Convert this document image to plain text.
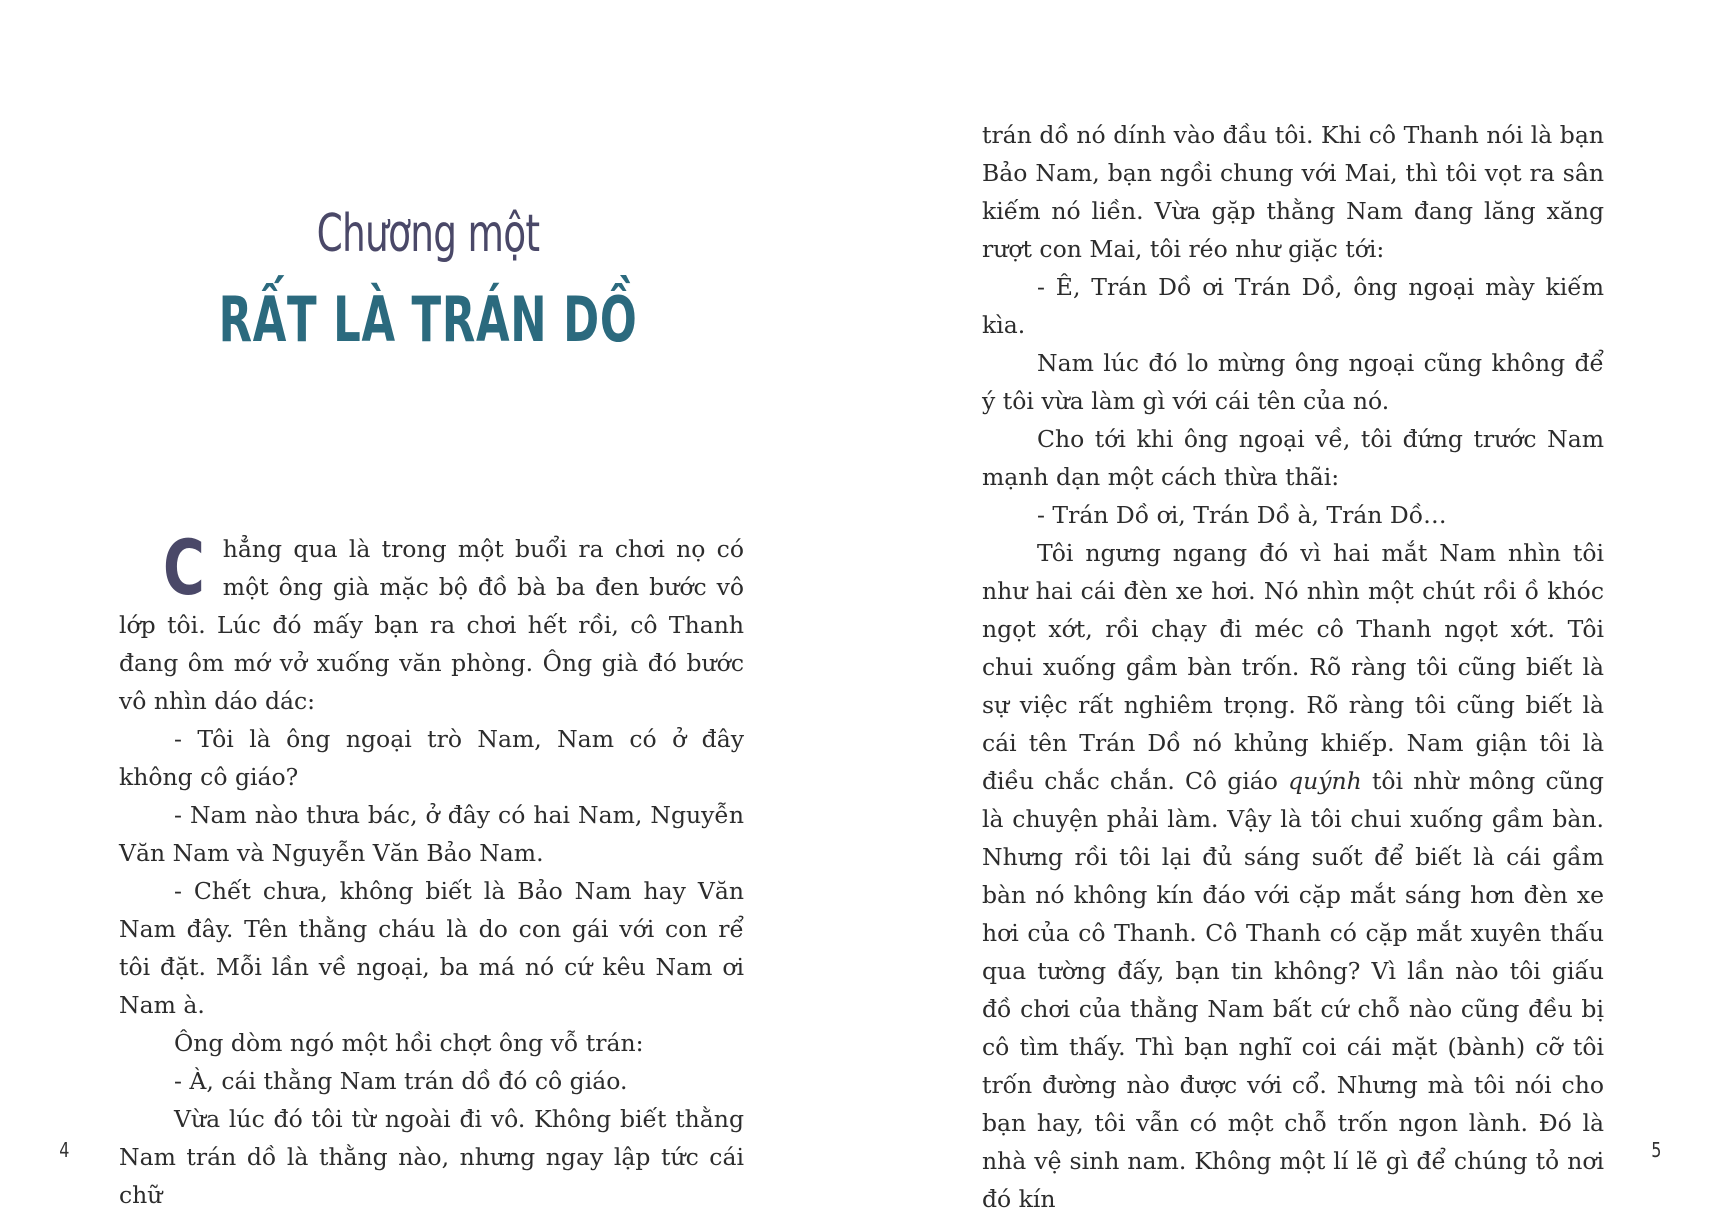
Chương một
RẤT LÀ TRÁN DỒ

Chẳng qua là trong một buổi ra chơi nọ có một ông già mặc bộ đồ bà ba đen bước vô lớp tôi. Lúc đó mấy bạn ra chơi hết rồi, cô Thanh đang ôm mớ vở xuống văn phòng. Ông già đó bước vô nhìn dáo dác:

- Tôi là ông ngoại trò Nam, Nam có ở đây không cô giáo?

- Nam nào thưa bác, ở đây có hai Nam, Nguyễn Văn Nam và Nguyễn Văn Bảo Nam.

- Chết chưa, không biết là Bảo Nam hay Văn Nam đây. Tên thằng cháu là do con gái với con rể tôi đặt. Mỗi lần về ngoại, ba má nó cứ kêu Nam ơi Nam à.

Ông dòm ngó một hồi chợt ông vỗ trán:

- À, cái thằng Nam trán dồ đó cô giáo.

Vừa lúc đó tôi từ ngoài đi vô. Không biết thằng Nam trán dồ là thằng nào, nhưng ngay lập tức cái chữ

4

trán dồ nó dính vào đầu tôi. Khi cô Thanh nói là bạn Bảo Nam, bạn ngồi chung với Mai, thì tôi vọt ra sân kiếm nó liền. Vừa gặp thằng Nam đang lăng xăng rượt con Mai, tôi réo như giặc tới:

- Ê, Trán Dồ ơi Trán Dồ, ông ngoại mày kiếm kìa.

Nam lúc đó lo mừng ông ngoại cũng không để ý tôi vừa làm gì với cái tên của nó.

Cho tới khi ông ngoại về, tôi đứng trước Nam mạnh dạn một cách thừa thãi:

- Trán Dồ ơi, Trán Dồ à, Trán Dồ…

Tôi ngưng ngang đó vì hai mắt Nam nhìn tôi như hai cái đèn xe hơi. Nó nhìn một chút rồi ồ khóc ngọt xớt, rồi chạy đi méc cô Thanh ngọt xớt. Tôi chui xuống gầm bàn trốn. Rõ ràng tôi cũng biết là sự việc rất nghiêm trọng. Rõ ràng tôi cũng biết là cái tên Trán Dồ nó khủng khiếp. Nam giận tôi là điều chắc chắn. Cô giáo quýnh tôi nhừ mông cũng là chuyện phải làm. Vậy là tôi chui xuống gầm bàn. Nhưng rồi tôi lại đủ sáng suốt để biết là cái gầm bàn nó không kín đáo với cặp mắt sáng hơn đèn xe hơi của cô Thanh. Cô Thanh có cặp mắt xuyên thấu qua tường đấy, bạn tin không? Vì lần nào tôi giấu đồ chơi của thằng Nam bất cứ chỗ nào cũng đều bị cô tìm thấy. Thì bạn nghĩ coi cái mặt (bành) cỡ tôi trốn đường nào được với cổ. Nhưng mà tôi nói cho bạn hay, tôi vẫn có một chỗ trốn ngon lành. Đó là nhà vệ sinh nam. Không một lí lẽ gì để chúng tỏ nơi đó kín

5
